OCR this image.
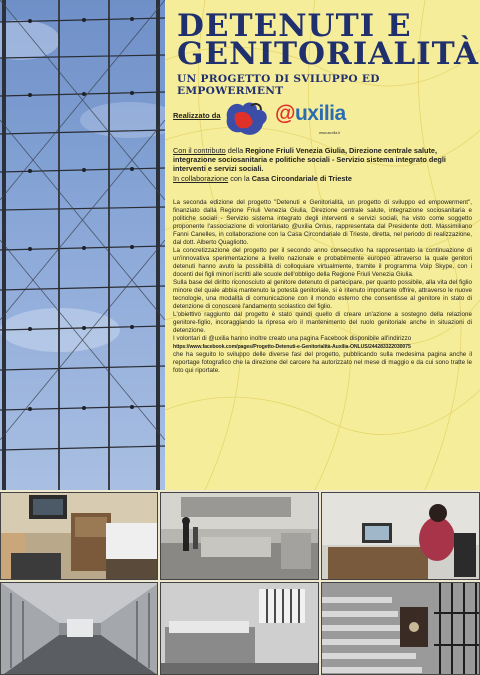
DETENUTI E
GENITORIALITÀ

UN PROGETTO DI SVILUPPO ED EMPOWERMENT

Realizzato da	@uxilia
www.auxilia.it

Con il contributo della Regione Friuli Venezia Giulia, Direzione centrale salute, integrazione sociosanitaria e politiche sociali - Servizio sistema integrato degli interventi e servizi sociali.
In collaborazione con la Casa Circondariale di Trieste

La seconda edizione del progetto "Detenuti e Genitorialità, un progetto di sviluppo ed empowerment", finanziato dalla Regione Friuli Venezia Giulia, Direzione centrale salute, integrazione sociosanitaria e politiche sociali - Servizio sistema integrato degli interventi e servizi sociali, ha visto come soggetto proponente l'associazione di volontariato @uxilia Onlus, rappresentata dal Presidente dott. Massimiliano Fanni Canelles, in collaborazione con la Casa Circondariale di Trieste, diretta, nel periodo di realizzazione, dal dott. Alberto Quagliotto.

La concretizzazione del progetto per il secondo anno consecutivo ha rappresentato la continuazione di un'innovativa sperimentazione a livello nazionale e probabilmente europeo attraverso la quale genitori detenuti hanno avuto la possibilità di colloquiare virtualmente, tramite il programma Voip Skype, con i docenti dei figli minori iscritti alle scuole dell'obbligo della Regione Friuli Venezia Giulia.

Sulla base del diritto riconosciuto al genitore detenuto di partecipare, per quanto possibile, alla vita del figlio minore del quale abbia mantenuto la potestà genitoriale, si è ritenuto importante offrire, attraverso le nuove tecnologie, una modalità di comunicazione con il mondo esterno che consentisse al genitore in stato di detenzione di conoscere l'andamento scolastico del figlio.

L'obiettivo raggiunto dal progetto è stato quindi quello di creare un'azione a sostegno della relazione genitore-figlio, incoraggiando la ripresa e/o il mantenimento del ruolo genitoriale anche in situazioni di detenzione.

I volontari di @uxilia hanno inoltre creato una pagina Facebook disponibile all'indirizzo
https://www.facebook.com/pages/Progetto-Detenuti-e-Genitorialità-Auxilia-ONLUS/244283322030075
che ha seguito lo sviluppo delle diverse fasi del progetto, pubblicando sulla medesima pagina anche il reportage fotografico che la direzione del carcere ha autorizzato nel mese di maggio e da cui sono tratte le foto qui riportate.
